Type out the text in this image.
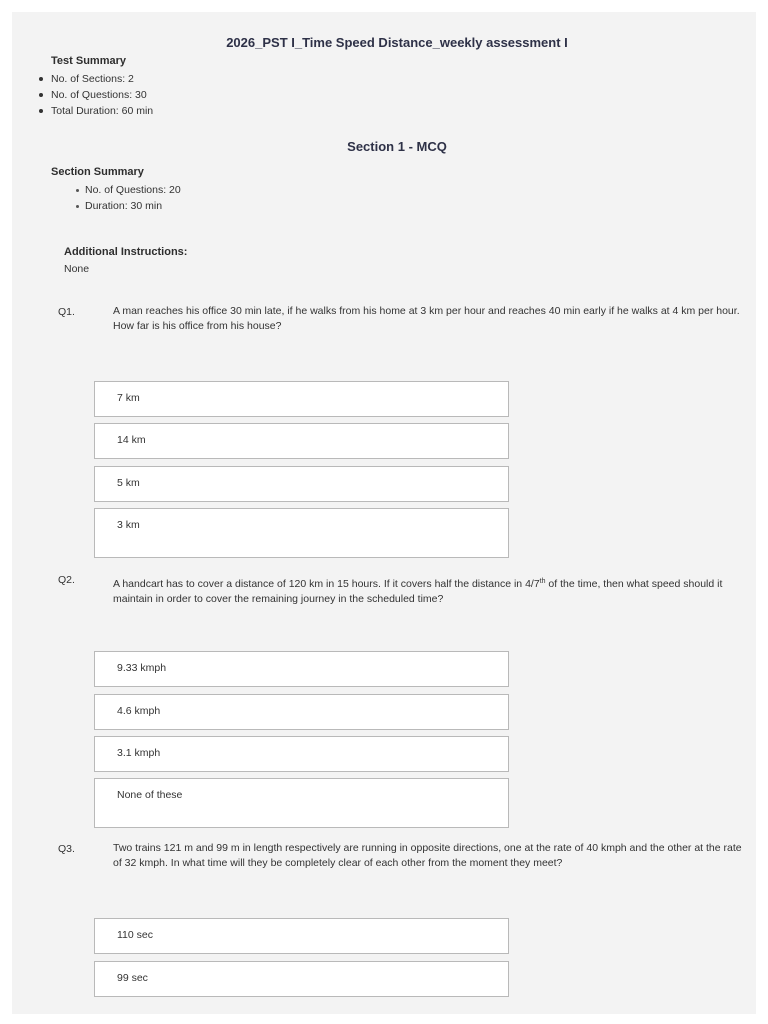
2026_PST I_Time Speed Distance_weekly assessment I
Test Summary
No. of Sections: 2
No. of Questions: 30
Total Duration: 60 min
Section 1 - MCQ
Section Summary
No. of Questions: 20
Duration: 30 min
Additional Instructions:
None
Q1.	A man reaches his office 30 min late, if he walks from his home at 3 km per hour and reaches 40 min early if he walks at 4 km per hour. How far is his office from his house?
7 km
14 km
5 km
3 km
Q2.	A handcart has to cover a distance of 120 km in 15 hours. If it covers half the distance in 4/7th of the time, then what speed should it maintain in order to cover the remaining journey in the scheduled time?
9.33 kmph
4.6 kmph
3.1 kmph
None of these
Q3.	Two trains 121 m and 99 m in length respectively are running in opposite directions, one at the rate of 40 kmph and the other at the rate of 32 kmph. In what time will they be completely clear of each other from the moment they meet?
110 sec
99 sec
